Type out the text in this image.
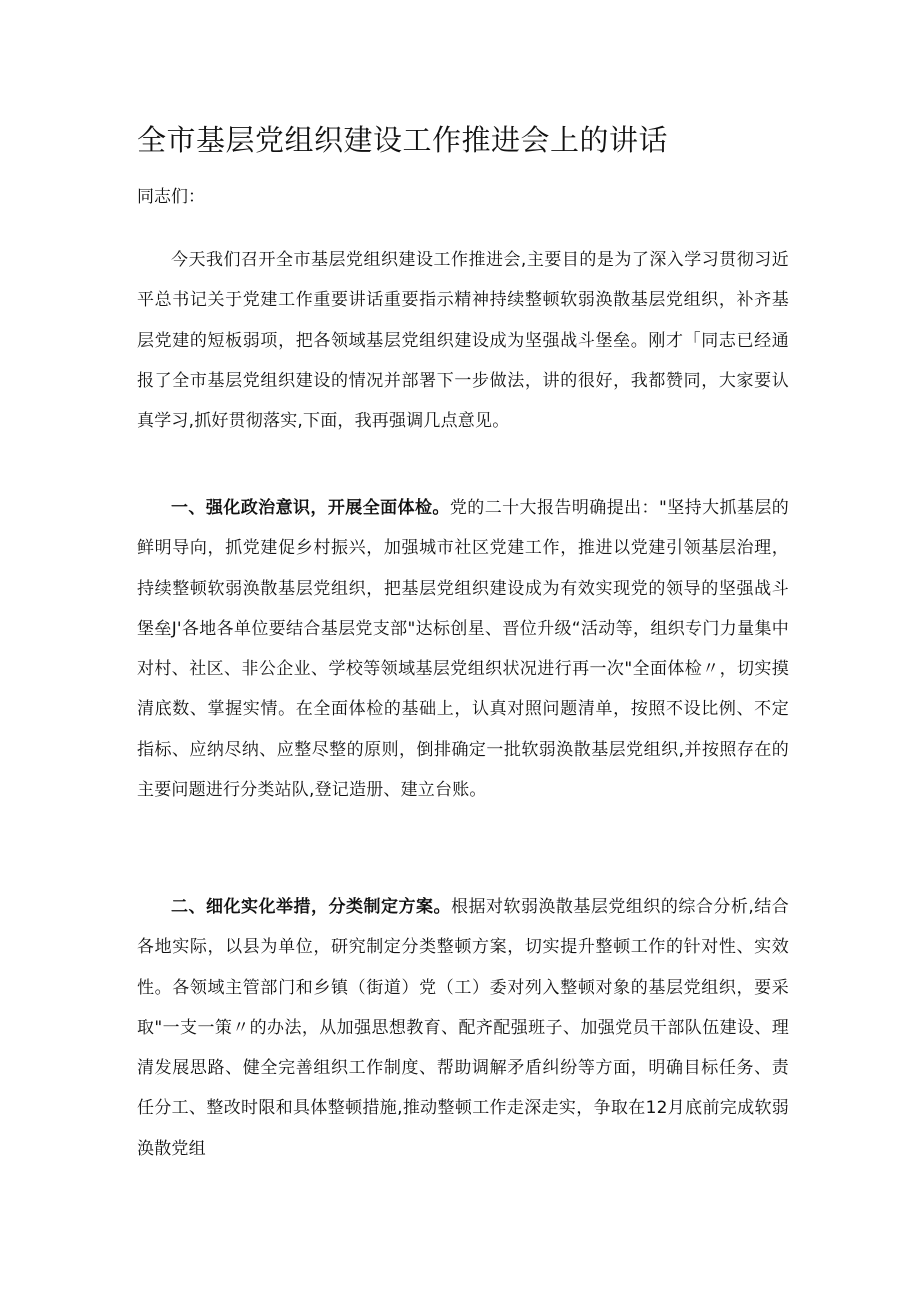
全市基层党组织建设工作推进会上的讲话

同志们：

今天我们召开全市基层党组织建设工作推进会,主要目的是为了深入学习贯彻习近平总书记关于党建工作重要讲话重要指示精神持续整顿软弱涣散基层党组织，补齐基层党建的短板弱项，把各领域基层党组织建设成为坚强战斗堡垒。刚才「同志已经通报了全市基层党组织建设的情况并部署下一步做法，讲的很好，我都赞同，大家要认真学习,抓好贯彻落实,下面，我再强调几点意见。

一、强化政治意识，开展全面体检。党的二十大报告明确提出："坚持大抓基层的鲜明导向，抓党建促乡村振兴，加强城市社区党建工作，推进以党建引领基层治理，持续整顿软弱涣散基层党组织，把基层党组织建设成为有效实现党的领导的坚强战斗堡垒J'各地各单位要结合基层党支部"达标创星、晋位升级“活动等，组织专门力量集中对村、社区、非公企业、学校等领域基层党组织状况进行再一次"全面体检〃，切实摸清底数、掌握实情。在全面体检的基础上，认真对照问题清单，按照不设比例、不定指标、应纳尽纳、应整尽整的原则，倒排确定一批软弱涣散基层党组织,并按照存在的主要问题进行分类站队,登记造册、建立台账。

二、细化实化举措，分类制定方案。根据对软弱涣散基层党组织的综合分析,结合各地实际，以县为单位，研究制定分类整顿方案，切实提升整顿工作的针对性、实效性。各领域主管部门和乡镇（街道）党（工）委对列入整顿对象的基层党组织，要采取"一支一策〃的办法，从加强思想教育、配齐配强班子、加强党员干部队伍建设、理清发展思路、健全完善组织工作制度、帮助调解矛盾纠纷等方面，明确目标任务、责任分工、整改时限和具体整顿措施,推动整顿工作走深走实，争取在12月底前完成软弱涣散党组
